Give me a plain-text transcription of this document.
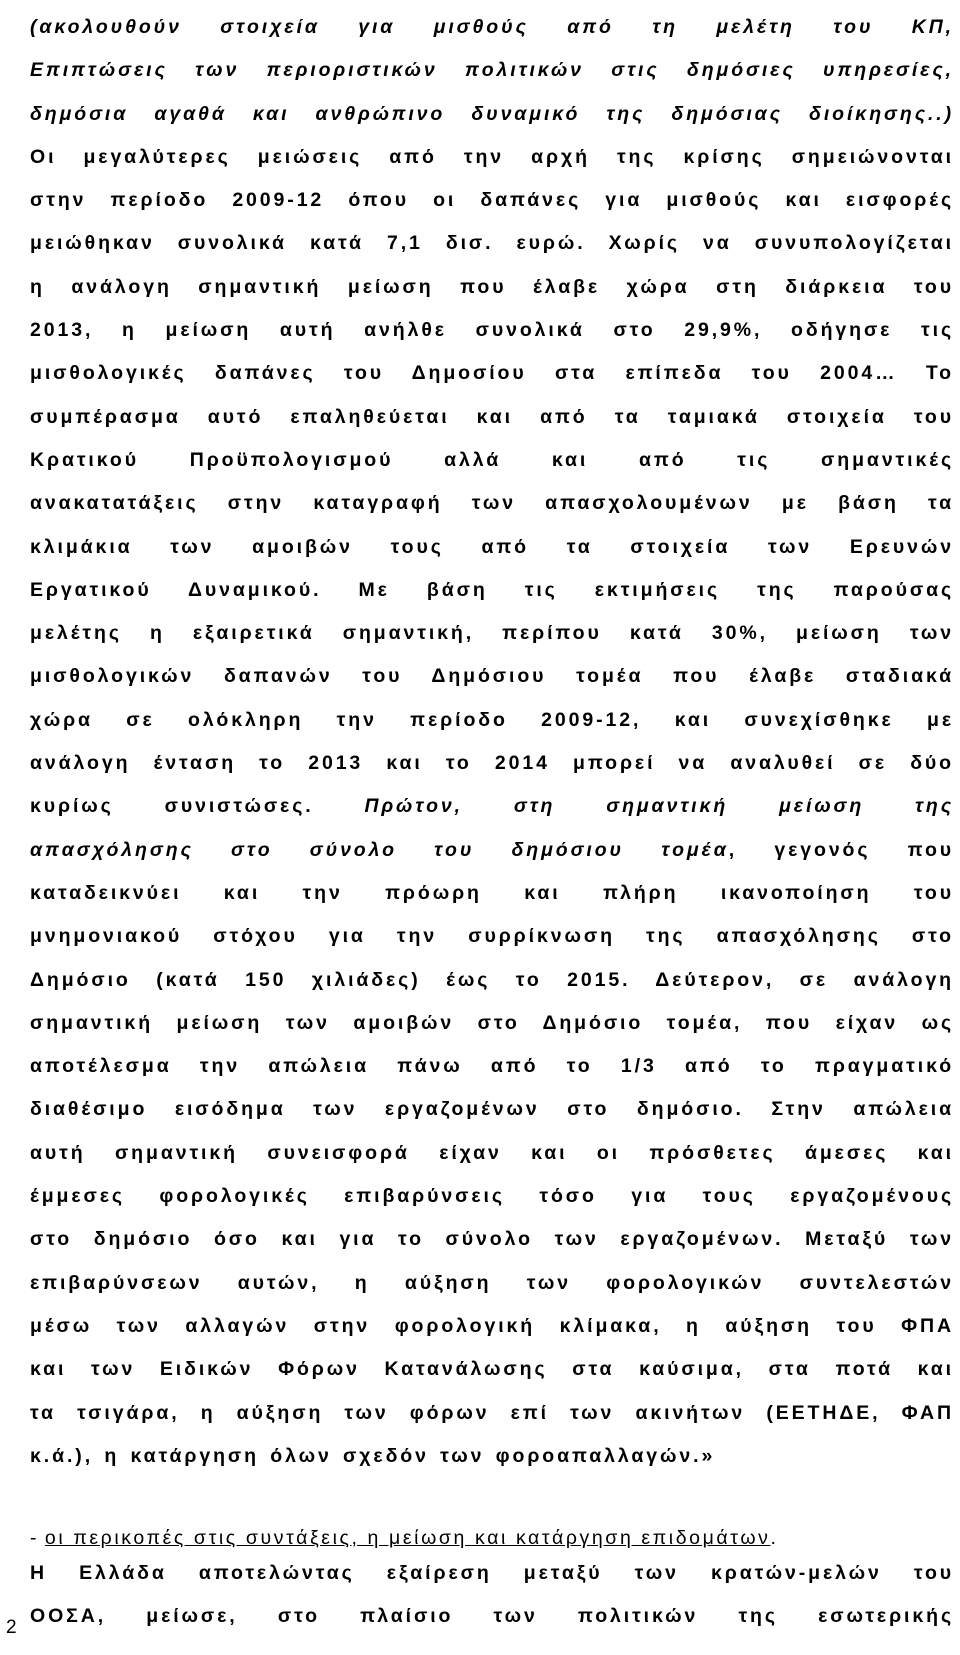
(ακολουθούν στοιχεία για μισθούς από τη μελέτη του ΚΠ,
Επιπτώσεις των περιοριστικών πολιτικών στις δημόσιες υπηρεσίες,
δημόσια αγαθά και ανθρώπινο δυναμικό της δημόσιας διοίκησης..)
Οι μεγαλύτερες μειώσεις από την αρχή της κρίσης σημειώνονται
στην περίοδο 2009-12 όπου οι δαπάνες για μισθούς και εισφορές
μειώθηκαν συνολικά κατά 7,1 δισ. ευρώ. Χωρίς να συνυπολογίζεται
η ανάλογη σημαντική μείωση που έλαβε χώρα στη διάρκεια του
2013, η μείωση αυτή ανήλθε συνολικά στο 29,9%, οδήγησε τις
μισθολογικές δαπάνες του Δημοσίου στα επίπεδα του 2004… Το
συμπέρασμα αυτό επαληθεύεται και από τα ταμιακά στοιχεία του
Κρατικού Προϋπολογισμού αλλά και από τις σημαντικές
ανακατατάξεις στην καταγραφή των απασχολουμένων με βάση τα
κλιμάκια των αμοιβών τους από τα στοιχεία των Ερευνών
Εργατικού Δυναμικού. Με βάση τις εκτιμήσεις της παρούσας
μελέτης η εξαιρετικά σημαντική, περίπου κατά 30%, μείωση των
μισθολογικών δαπανών του Δημόσιου τομέα που έλαβε σταδιακά
χώρα σε ολόκληρη την περίοδο 2009-12, και συνεχίσθηκε με
ανάλογη ένταση το 2013 και το 2014 μπορεί να αναλυθεί σε δύο
κυρίως συνιστώσες. Πρώτον, στη σημαντική μείωση της
απασχόλησης στο σύνολο του δημόσιου τομέα, γεγονός που
καταδεικνύει και την πρόωρη και πλήρη ικανοποίηση του
μνημονιακού στόχου για την συρρίκνωση της απασχόλησης στο
Δημόσιο (κατά 150 χιλιάδες) έως το 2015. Δεύτερον, σε ανάλογη
σημαντική μείωση των αμοιβών στο Δημόσιο τομέα, που είχαν ως
αποτέλεσμα την απώλεια πάνω από το 1/3 από το πραγματικό
διαθέσιμο εισόδημα των εργαζομένων στο δημόσιο. Στην απώλεια
αυτή σημαντική συνεισφορά είχαν και οι πρόσθετες άμεσες και
έμμεσες φορολογικές επιβαρύνσεις τόσο για τους εργαζομένους
στο δημόσιο όσο και για το σύνολο των εργαζομένων. Μεταξύ των
επιβαρύνσεων αυτών, η αύξηση των φορολογικών συντελεστών
μέσω των αλλαγών στην φορολογική κλίμακα, η αύξηση του ΦΠΑ
και των Ειδικών Φόρων Κατανάλωσης στα καύσιμα, στα ποτά και
τα τσιγάρα, η αύξηση των φόρων επί των ακινήτων (ΕΕΤΗΔΕ, ΦΑΠ
κ.ά.), η κατάργηση όλων σχεδόν των φοροαπαλλαγών.»

- οι περικοπές στις συντάξεις, η μείωση και κατάργηση επιδομάτων.

Η Ελλάδα αποτελώντας εξαίρεση μεταξύ των κρατών-μελών του
ΟΟΣΑ, μείωσε, στο πλαίσιο των πολιτικών της εσωτερικής
2
